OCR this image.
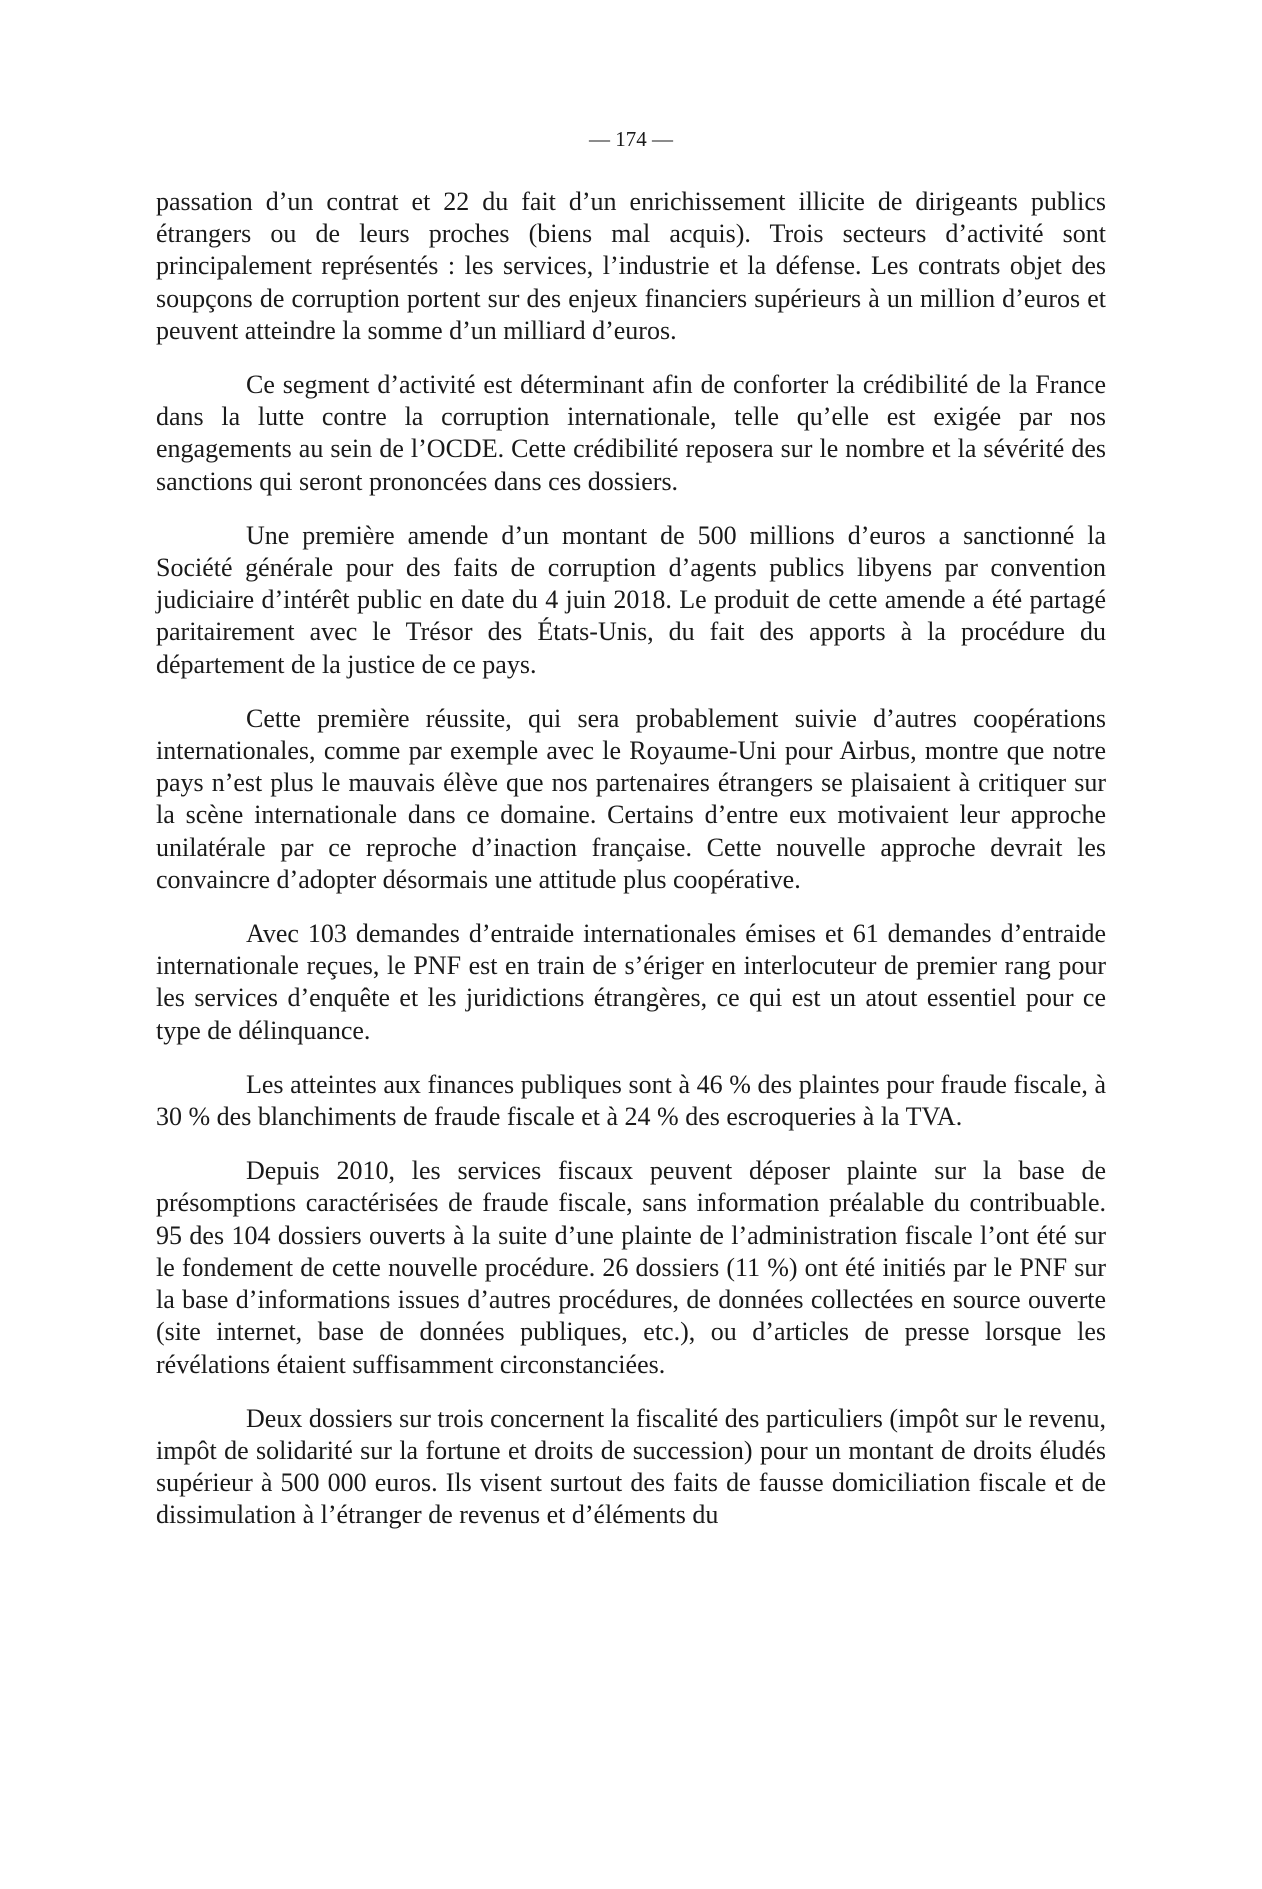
— 174 —

passation d’un contrat et 22 du fait d’un enrichissement illicite de dirigeants publics étrangers ou de leurs proches (biens mal acquis). Trois secteurs d’activité sont principalement représentés : les services, l’industrie et la défense. Les contrats objet des soupçons de corruption portent sur des enjeux financiers supérieurs à un million d’euros et peuvent atteindre la somme d’un milliard d’euros.

Ce segment d’activité est déterminant afin de conforter la crédibilité de la France dans la lutte contre la corruption internationale, telle qu’elle est exigée par nos engagements au sein de l’OCDE. Cette crédibilité reposera sur le nombre et la sévérité des sanctions qui seront prononcées dans ces dossiers.

Une première amende d’un montant de 500 millions d’euros a sanctionné la Société générale pour des faits de corruption d’agents publics libyens par convention judiciaire d’intérêt public en date du 4 juin 2018. Le produit de cette amende a été partagé paritairement avec le Trésor des États-Unis, du fait des apports à la procédure du département de la justice de ce pays.

Cette première réussite, qui sera probablement suivie d’autres coopérations internationales, comme par exemple avec le Royaume-Uni pour Airbus, montre que notre pays n’est plus le mauvais élève que nos partenaires étrangers se plaisaient à critiquer sur la scène internationale dans ce domaine. Certains d’entre eux motivaient leur approche unilatérale par ce reproche d’inaction française. Cette nouvelle approche devrait les convaincre d’adopter désormais une attitude plus coopérative.

Avec 103 demandes d’entraide internationales émises et 61 demandes d’entraide internationale reçues, le PNF est en train de s’ériger en interlocuteur de premier rang pour les services d’enquête et les juridictions étrangères, ce qui est un atout essentiel pour ce type de délinquance.

Les atteintes aux finances publiques sont à 46 % des plaintes pour fraude fiscale, à 30 % des blanchiments de fraude fiscale et à 24 % des escroqueries à la TVA.

Depuis 2010, les services fiscaux peuvent déposer plainte sur la base de présomptions caractérisées de fraude fiscale, sans information préalable du contribuable. 95 des 104 dossiers ouverts à la suite d’une plainte de l’administration fiscale l’ont été sur le fondement de cette nouvelle procédure. 26 dossiers (11 %) ont été initiés par le PNF sur la base d’informations issues d’autres procédures, de données collectées en source ouverte (site internet, base de données publiques, etc.), ou d’articles de presse lorsque les révélations étaient suffisamment circonstanciées.

Deux dossiers sur trois concernent la fiscalité des particuliers (impôt sur le revenu, impôt de solidarité sur la fortune et droits de succession) pour un montant de droits éludés supérieur à 500 000 euros. Ils visent surtout des faits de fausse domiciliation fiscale et de dissimulation à l’étranger de revenus et d’éléments du
